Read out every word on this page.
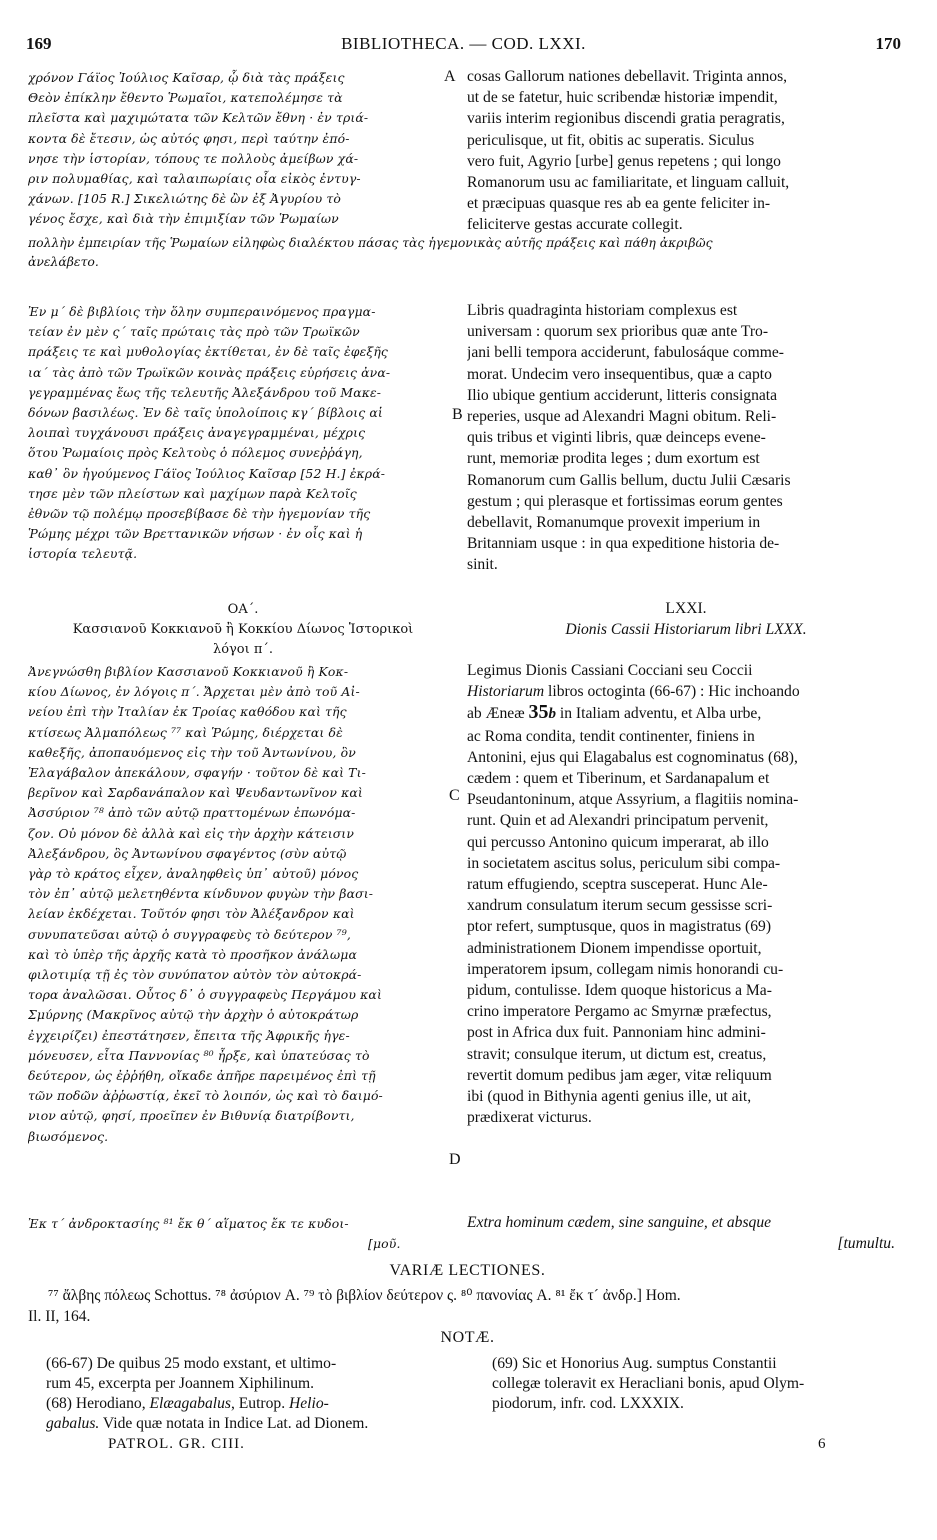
169	BIBLIOTHECA. — COD. LXXI.	170
χρόνον Γάϊος Ἰούλιος Καῖσαρ, ᾧ διὰ τὰς πράξεις
Θεὸν ἐπίκλην ἔθεντο Ῥωμαῖοι, κατεπολέμησε τὰ
πλεῖστα καὶ μαχιμώτατα τῶν Κελτῶν ἔθνη · ἐν τριά-
κοντα δὲ ἔτεσιν, ὡς αὐτός φησι, περὶ ταύτην ἐπό-
νησε τὴν ἱστορίαν, τόπους τε πολλοὺς ἀμείβων χά-
ριν πολυμαθίας, καὶ ταλαιπωρίαις οἷα εἰκὸς ἐντυγ-
χάνων. [105 R.] Σικελιώτης δὲ ὢν ἐξ Ἀγυρίου τὸ
γένος ἔσχε, καὶ διὰ τὴν ἐπιμιξίαν τῶν Ῥωμαίων
A cosas Gallorum nationes debellavit. Triginta annos,
ut de se fatetur, huic scribendæ historiæ impendit,
variis interim regionibus discendi gratia peragratis,
periculisque, ut fit, obitis ac superatis. Siculus
vero fuit, Agyrio [urbe] genus repetens ; qui longo
Romanorum usu ac familiaritate, et linguam calluit,
et præcipuas quasque res ab ea gente feliciter in-
feliciterve gestas accurate collegit.
πολλὴν ἐμπειρίαν τῆς Ῥωμαίων εἰληφὼς διαλέκτου πάσας τὰς ἡγεμονικὰς αὐτῆς πράξεις καὶ πάθη ἀκριβῶς
ἀνελάβετο.
Ἐν μ´ δὲ βιβλίοις τὴν ὅλην συμπεραινόμενος πραγμα-
τείαν ἐν μὲν ς´ ταῖς πρώταις τὰς πρὸ τῶν Τρωϊκῶν
πράξεις τε καὶ μυθολογίας ἐκτίθεται, ἐν δὲ ταῖς ἐφεξῆς
ια´ τὰς ἀπὸ τῶν Τρωϊκῶν κοινὰς πράξεις εὑρήσεις ἀνα-
γεγραμμένας ἕως τῆς τελευτῆς Ἀλεξάνδρου τοῦ Μακε-
δόνων βασιλέως. Ἐν δὲ ταῖς ὑπολοίποις κγ´ βίβλοις αἱ
λοιπαὶ τυγχάνουσι πράξεις ἀναγεγραμμέναι, μέχρις
ὅτου Ῥωμαίοις πρὸς Κελτοὺς ὁ πόλεμος συνεῤῥάγη,
καθ᾽ ὃν ἡγούμενος Γάϊος Ἰούλιος Καῖσαρ [52 H.] ἐκρά-
τησε μὲν τῶν πλείστων καὶ μαχίμων παρὰ Κελτοῖς
ἐθνῶν τῷ πολέμῳ προσεβίβασε δὲ τὴν ἡγεμονίαν τῆς
Ῥώμης μέχρι τῶν Βρεττανικῶν νήσων · ἐν οἷς καὶ ἡ
ἱστορία τελευτᾷ.
B
Libris quadraginta historiam complexus est
universam : quorum sex prioribus quæ ante Tro-
jani belli tempora acciderunt, fabulosáque comme-
morat. Undecim vero insequentibus, quæ a capto
Ilio ubique gentium acciderunt, litteris consignata
reperies, usque ad Alexandri Magni obitum. Reli-
quis tribus et viginti libris, quæ deinceps evene-
runt, memoriæ prodita leges ; dum exortum est
Romanorum cum Gallis bellum, ductu Julii Cæsaris
gestum ; qui plerasque et fortissimas eorum gentes
debellavit, Romanumque provexit imperium in
Britanniam usque : in qua expeditione historia de-
sinit.
ΟΑ´.
Κασσιανοῦ Κοκκιανοῦ ἢ Κοκκίου Δίωνος Ἱστορικοὶ
λόγοι π´.
LXXI.
Dionis Cassii Historiarum libri LXXX.
Ἀνεγνώσθη βιβλίον Κασσιανοῦ Κοκκιανοῦ ἢ Κοκ-
κίου Δίωνος, ἐν λόγοις π´. Ἄρχεται μὲν ἀπὸ τοῦ Αἰ-
νείου ἐπὶ τὴν Ἰταλίαν ἐκ Τροίας καθόδου καὶ τῆς
κτίσεως Ἀλμαπόλεως ⁷⁷ καὶ Ῥώμης, διέρχεται δὲ
καθεξῆς, ἀποπαυόμενος εἰς τὴν τοῦ Ἀντωνίνου, ὃν
Ἐλαγάβαλον ἀπεκάλουν, σφαγήν · τοῦτον δὲ καὶ Τι-
βερῖνον καὶ Σαρδανάπαλον καὶ Ψευδαντωνῖνον καὶ
Ἀσσύριον ⁷⁸ ἀπὸ τῶν αὐτῷ πραττομένων ἐπωνόμα-
ζον. Οὐ μόνον δὲ ἀλλὰ καὶ εἰς τὴν ἀρχὴν κάτεισιν
Ἀλεξάνδρου, ὃς Ἀντωνίνου σφαγέντος (σὺν αὐτῷ
γὰρ τὸ κράτος εἶχεν, ἀναληφθεὶς ὑπ᾽ αὐτοῦ) μόνος
τὸν ἐπ᾽ αὐτῷ μελετηθέντα κίνδυνον φυγὼν τὴν βασι-
λείαν ἐκδέχεται. Τοῦτόν φησι τὸν Ἀλέξανδρον καὶ
συνυπατεῦσαι αὐτῷ ὁ συγγραφεὺς τὸ δεύτερον ⁷⁹,
καὶ τὸ ὑπὲρ τῆς ἀρχῆς κατὰ τὸ προσῆκον ἀνάλωμα
φιλοτιμίᾳ τῇ ἐς τὸν συνύπατον αὐτὸν τὸν αὐτοκρά-
τορα ἀναλῶσαι. Οὗτος δ᾽ ὁ συγγραφεὺς Περγάμου καὶ
Σμύρνης (Μακρῖνος αὐτῷ τὴν ἀρχὴν ὁ αὐτοκράτωρ
ἐγχειρίζει) ἐπεστάτησεν, ἔπειτα τῆς Ἀφρικῆς ἡγε-
μόνευσεν, εἶτα Παννονίας ⁸⁰ ἦρξε, καὶ ὑπατεύσας τὸ
δεύτερον, ὡς ἐῤῥήθη, οἴκαδε ἀπῆρε παρειμένος ἐπὶ τῇ
τῶν ποδῶν ἀῤῥωστίᾳ, ἐκεῖ τὸ λοιπόν, ὡς καὶ τὸ δαιμό-
νιον αὐτῷ, φησί, προεῖπεν ἐν Βιθυνίᾳ διατρίβοντι,
βιωσόμενος.
C
D
Legimus Dionis Cassiani Cocciani seu Coccii
Historiarum libros octoginta (66-67) : Hic inchoando
ab Æneæ 35b in Italiam adventu, et Alba urbe,
ac Roma condita, tendit continenter, finiens in
Antonini, ejus qui Elagabalus est cognominatus (68),
cædem : quem et Tiberinum, et Sardanapalum et
Pseudantoninum, atque Assyrium, a flagitiis nomina-
runt. Quin et ad Alexandri principatum pervenit,
qui percusso Antonino quicum imperarat, ab illo
in societatem ascitus solus, periculum sibi compa-
ratum effugiendo, sceptra susceperat. Hunc Ale-
xandrum consulatum iterum secum gessisse scri-
ptor refert, sumptusque, quos in magistratus (69)
administrationem Dionem impendisse oportuit,
imperatorem ipsum, collegam nimis honorandi cu-
pidum, contulisse. Idem quoque historicus a Ma-
crino imperatore Pergamo ac Smyrnæ præfectus,
post in Africa dux fuit. Pannoniam hinc admini-
stravit; consulque iterum, ut dictum est, creatus,
revertit domum pedibus jam æger, vitæ reliquum
ibi (quod in Bithynia agenti genius ille, ut ait,
prædixerat victurus.
Ἐκ τ´ ἀνδροκτασίης ⁸¹ ἔκ θ´ αἵματος ἔκ τε κυδοι-
[μοῦ.
Extra hominum cædem, sine sanguine, et absque
[tumultu.
VARIÆ LECTIONES.
⁷⁷ ἄλβης πόλεως Schottus. ⁷⁸ ἀσύριον A. ⁷⁹ τὸ βιβλίον δεύτερον ς. ⁸⁰ πανονίας A. ⁸¹ ἔκ τ´ ἀνδρ.] Hom.
Il. ΙΙ, 164.
NOTÆ.
(66-67) De quibus 25 modo exstant, et ultimo-
rum 45, excerpta per Joannem Xiphilinum.
(68) Herodiano, Elæagabalus, Eutrop. Helio-
gabalus. Vide quæ notata in Indice Lat. ad Dionem.
(69) Sic et Honorius Aug. sumptus Constantii
collegæ toleravit ex Heracliani bonis, apud Olym-
piodorum, infr. cod. LXXXIX.
PATROL. GR. CIII.	6
